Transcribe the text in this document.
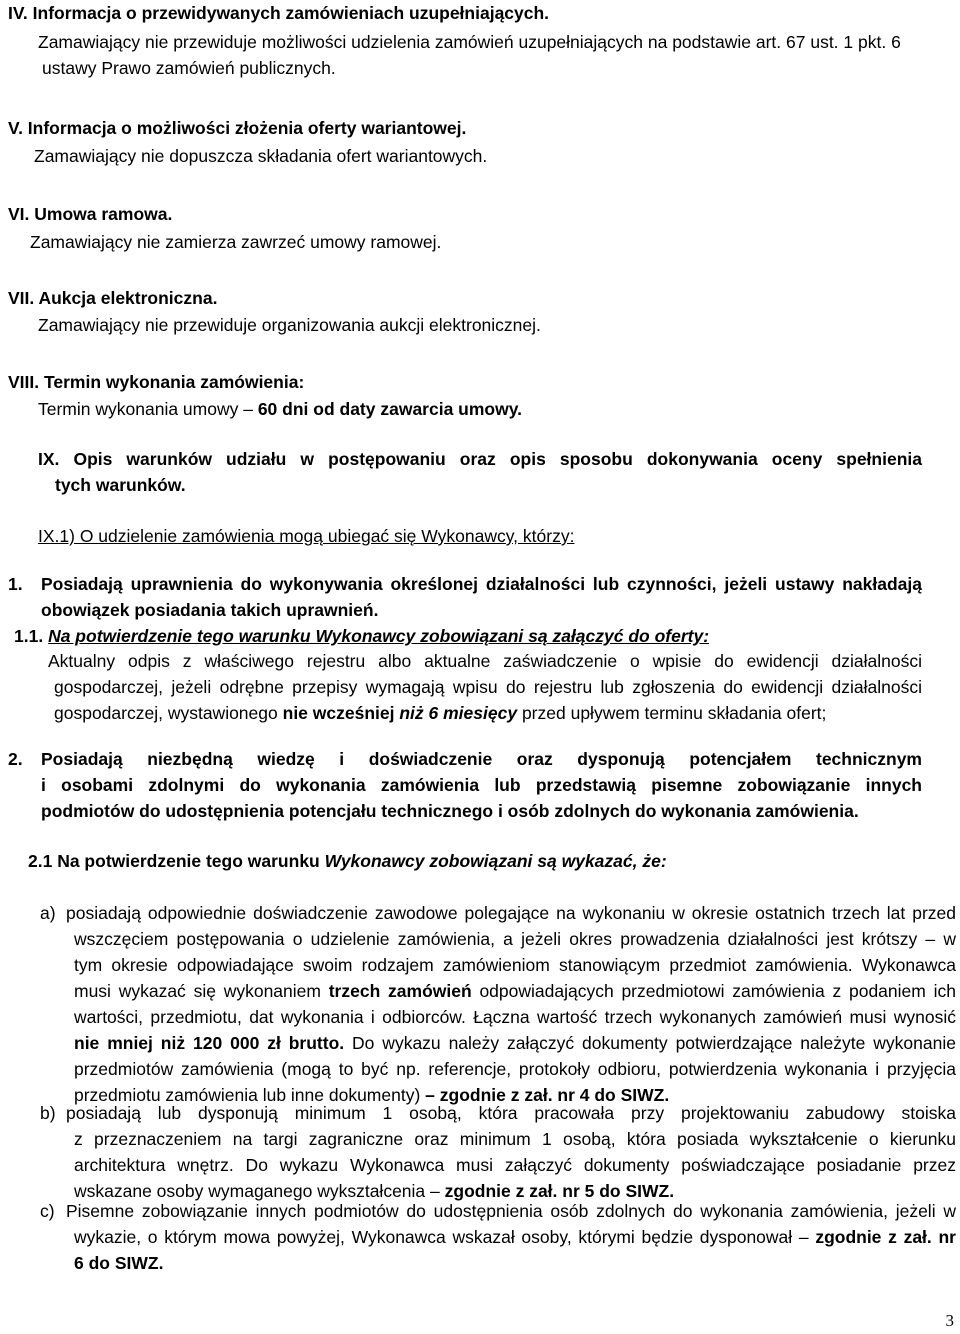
IV. Informacja o przewidywanych zamówieniach uzupełniających.
Zamawiający nie przewiduje możliwości udzielenia zamówień uzupełniających na podstawie art. 67 ust. 1 pkt. 6
ustawy Prawo zamówień publicznych.
V. Informacja o możliwości złożenia oferty wariantowej.
Zamawiający nie dopuszcza składania ofert wariantowych.
VI. Umowa ramowa.
Zamawiający nie zamierza zawrzeć umowy ramowej.
VII. Aukcja elektroniczna.
Zamawiający nie przewiduje organizowania aukcji elektronicznej.
VIII. Termin wykonania zamówienia:
Termin wykonania umowy – 60 dni od daty zawarcia umowy.
IX. Opis warunków udziału w postępowaniu oraz opis sposobu dokonywania oceny spełnienia
tych warunków.
IX.1) O udzielenie zamówienia mogą ubiegać się Wykonawcy, którzy:
1. Posiadają uprawnienia do wykonywania określonej działalności lub czynności, jeżeli ustawy nakładają
obowiązek posiadania takich uprawnień.
1.1. Na potwierdzenie tego warunku Wykonawcy zobowiązani są załączyć do oferty:
Aktualny odpis z właściwego rejestru albo aktualne zaświadczenie o wpisie do ewidencji działalności
gospodarczej, jeżeli odrębne przepisy wymagają wpisu do rejestru lub zgłoszenia do ewidencji działalności
gospodarczej, wystawionego nie wcześniej niż 6 miesięcy przed upływem terminu składania ofert;
2. Posiadają niezbędną wiedzę i doświadczenie oraz dysponują potencjałem technicznym
i osobami zdolnymi do wykonania zamówienia lub przedstawią pisemne zobowiązanie innych
podmiotów do udostępnienia potencjału technicznego i osób zdolnych do wykonania zamówienia.
2.1 Na potwierdzenie tego warunku Wykonawcy zobowiązani są wykazać, że:
a) posiadają odpowiednie doświadczenie zawodowe polegające na wykonaniu w okresie ostatnich trzech lat przed
wszczęciem postępowania o udzielenie zamówienia, a jeżeli okres prowadzenia działalności jest krótszy – w
tym okresie odpowiadające swoim rodzajem zamówieniom stanowiącym przedmiot zamówienia. Wykonawca
musi wykazać się wykonaniem trzech zamówień odpowiadających przedmiotowi zamówienia z podaniem ich
wartości, przedmiotu, dat wykonania i odbiorców. Łączna wartość trzech wykonanych zamówień musi wynosić
nie mniej niż 120 000 zł brutto. Do wykazu należy załączyć dokumenty potwierdzające należyte wykonanie
przedmiotów zamówienia (mogą to być np. referencje, protokoły odbioru, potwierdzenia wykonania i przyjęcia
przedmiotu zamówienia lub inne dokumenty) – zgodnie z zał. nr 4 do SIWZ.
b) posiadają lub dysponują minimum 1 osobą, która pracowała przy projektowaniu zabudowy stoiska
z przeznaczeniem na targi zagraniczne oraz minimum 1 osobą, która posiada wykształcenie o kierunku
architektura wnętrz. Do wykazu Wykonawca musi załączyć dokumenty poświadczające posiadanie przez
wskazane osoby wymaganego wykształcenia – zgodnie z zał. nr 5 do SIWZ.
c) Pisemne zobowiązanie innych podmiotów do udostępnienia osób zdolnych do wykonania zamówienia, jeżeli w
wykazie, o którym mowa powyżej, Wykonawca wskazał osoby, którymi będzie dysponował – zgodnie z zał. nr
6 do SIWZ.
3
